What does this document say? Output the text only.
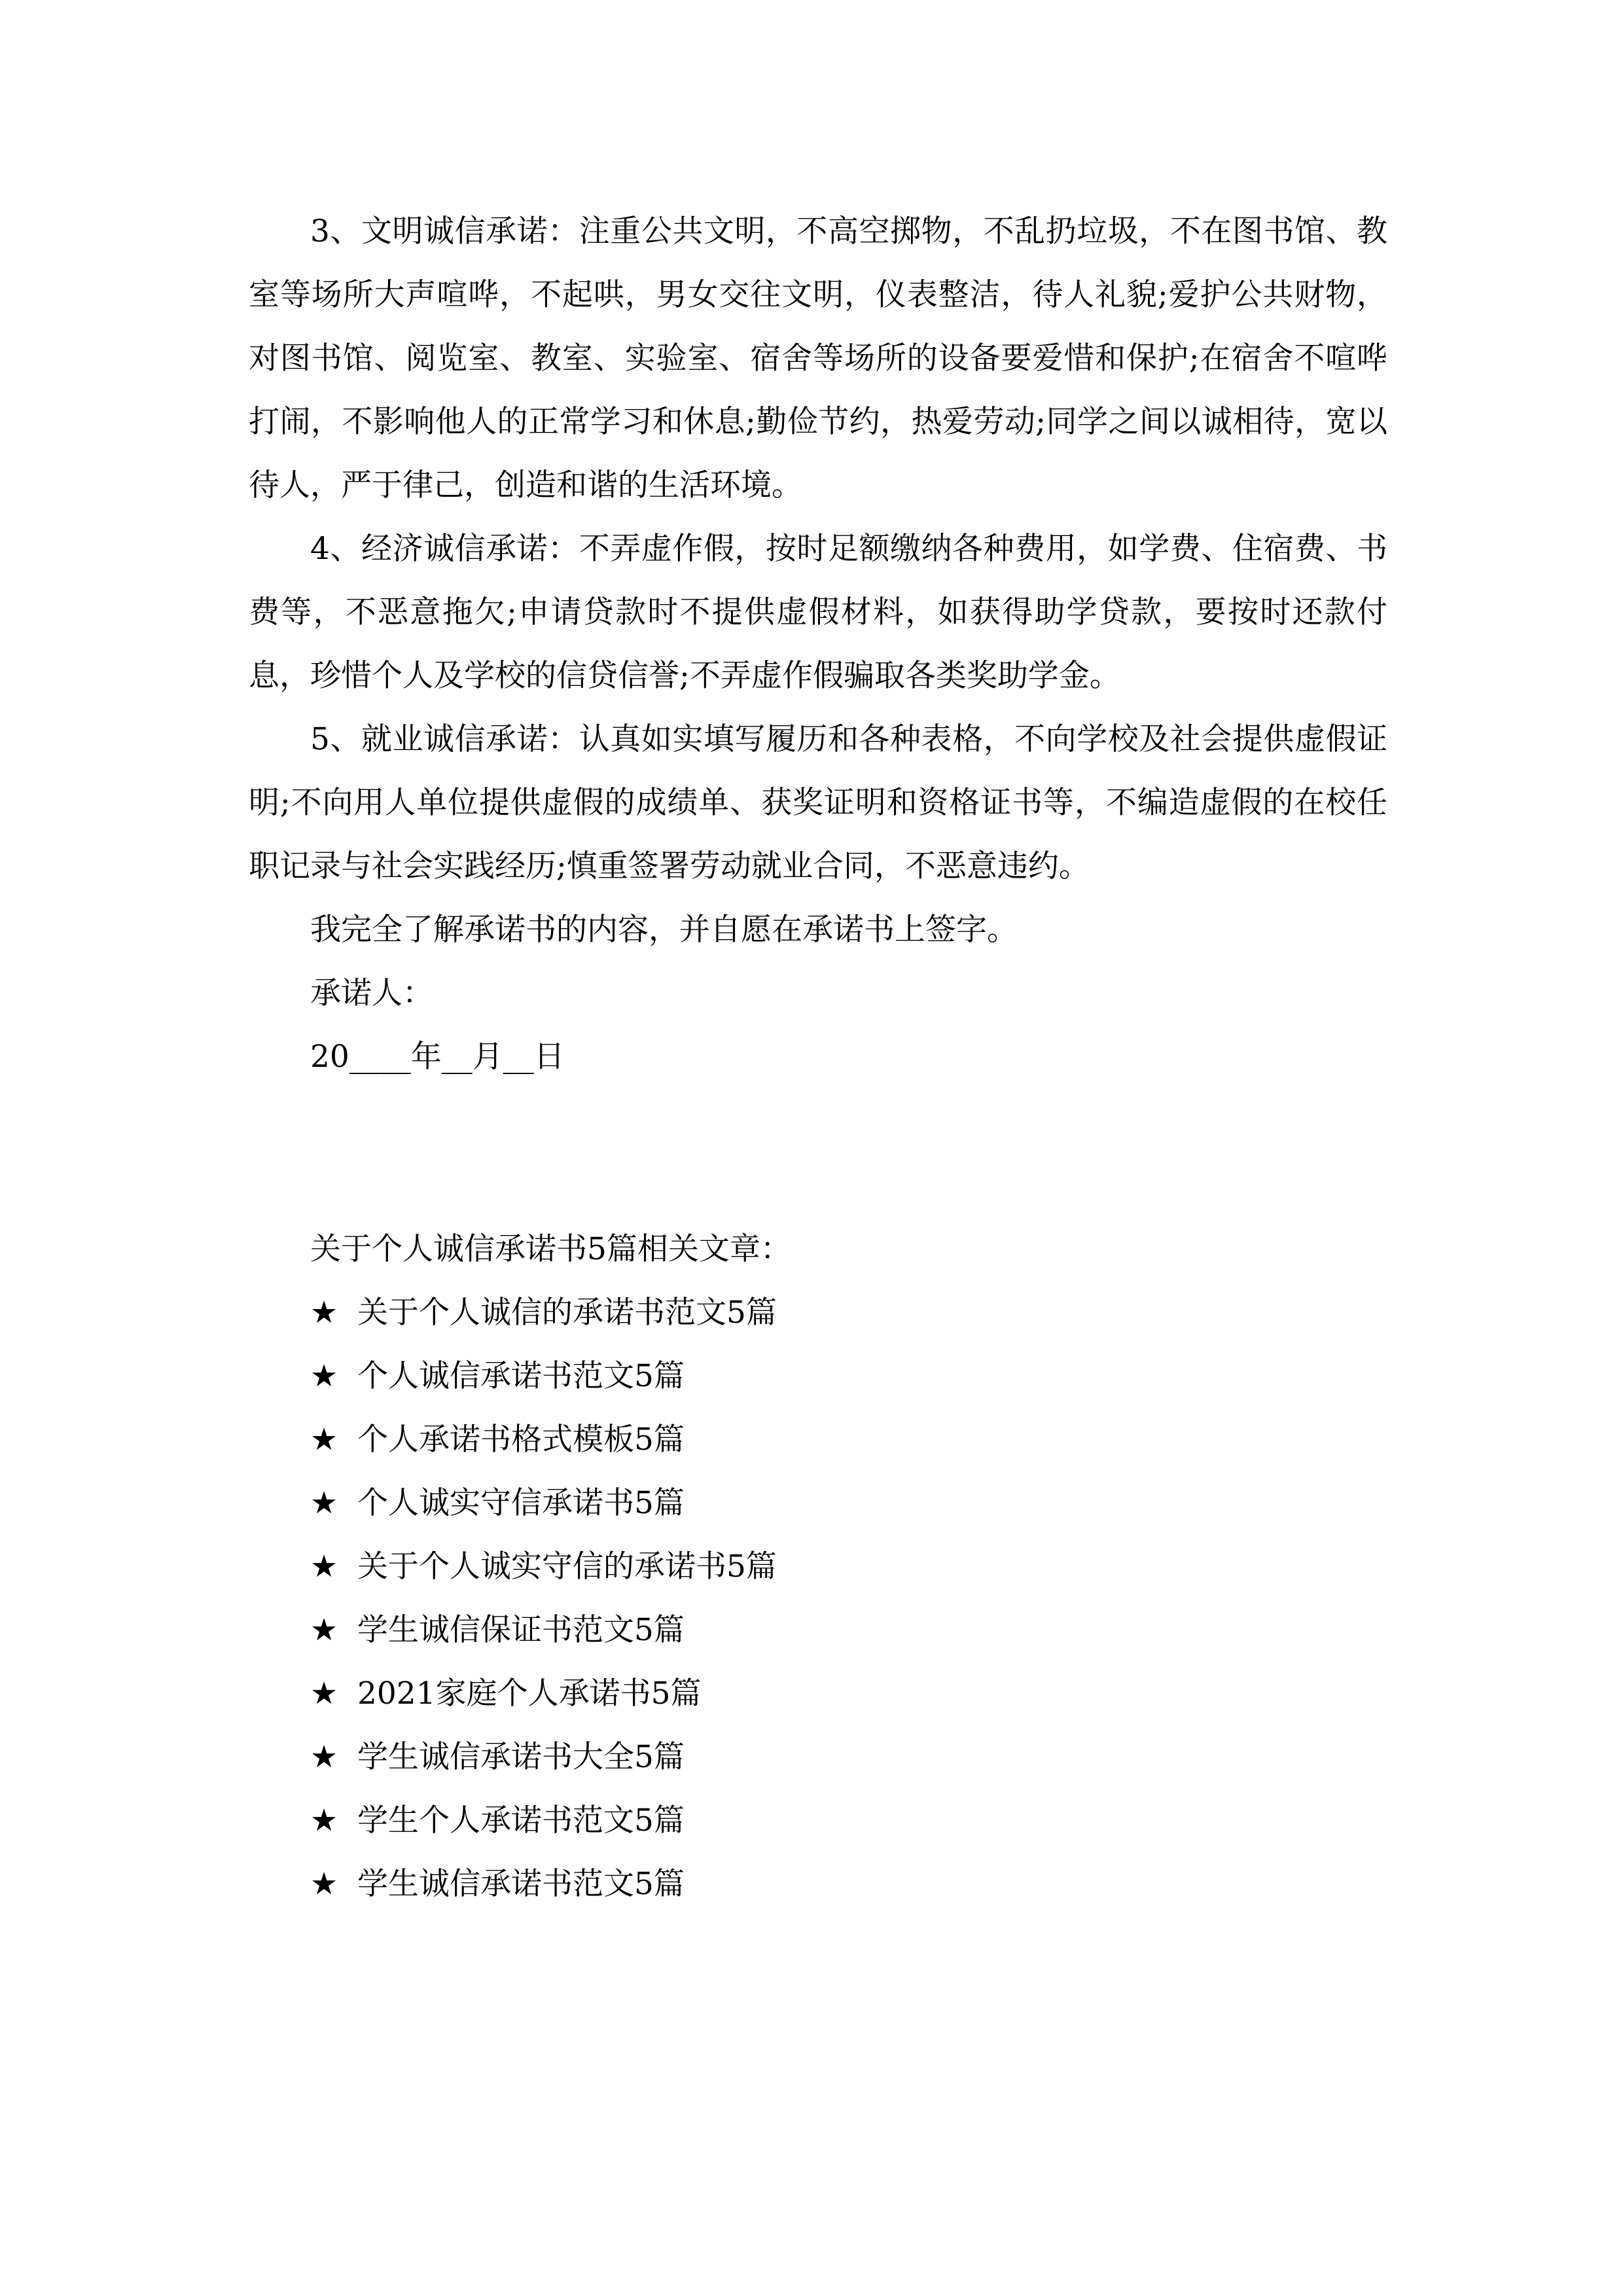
3、文明诚信承诺：注重公共文明，不高空掷物，不乱扔垃圾，不在图书馆、教室等场所大声喧哗，不起哄，男女交往文明，仪表整洁，待人礼貌;爱护公共财物，对图书馆、阅览室、教室、实验室、宿舍等场所的设备要爱惜和保护;在宿舍不喧哗打闹，不影响他人的正常学习和休息;勤俭节约，热爱劳动;同学之间以诚相待，宽以待人，严于律己，创造和谐的生活环境。

4、经济诚信承诺：不弄虚作假，按时足额缴纳各种费用，如学费、住宿费、书费等，不恶意拖欠;申请贷款时不提供虚假材料，如获得助学贷款，要按时还款付息，珍惜个人及学校的信贷信誉;不弄虚作假骗取各类奖助学金。

5、就业诚信承诺：认真如实填写履历和各种表格，不向学校及社会提供虚假证明;不向用人单位提供虚假的成绩单、获奖证明和资格证书等，不编造虚假的在校任职记录与社会实践经历;慎重签署劳动就业合同，不恶意违约。

我完全了解承诺书的内容，并自愿在承诺书上签字。

承诺人：

20____年__月__日

关于个人诚信承诺书5篇相关文章：

★ 关于个人诚信的承诺书范文5篇
★ 个人诚信承诺书范文5篇
★ 个人承诺书格式模板5篇
★ 个人诚实守信承诺书5篇
★ 关于个人诚实守信的承诺书5篇
★ 学生诚信保证书范文5篇
★ 2021家庭个人承诺书5篇
★ 学生诚信承诺书大全5篇
★ 学生个人承诺书范文5篇
★ 学生诚信承诺书范文5篇
